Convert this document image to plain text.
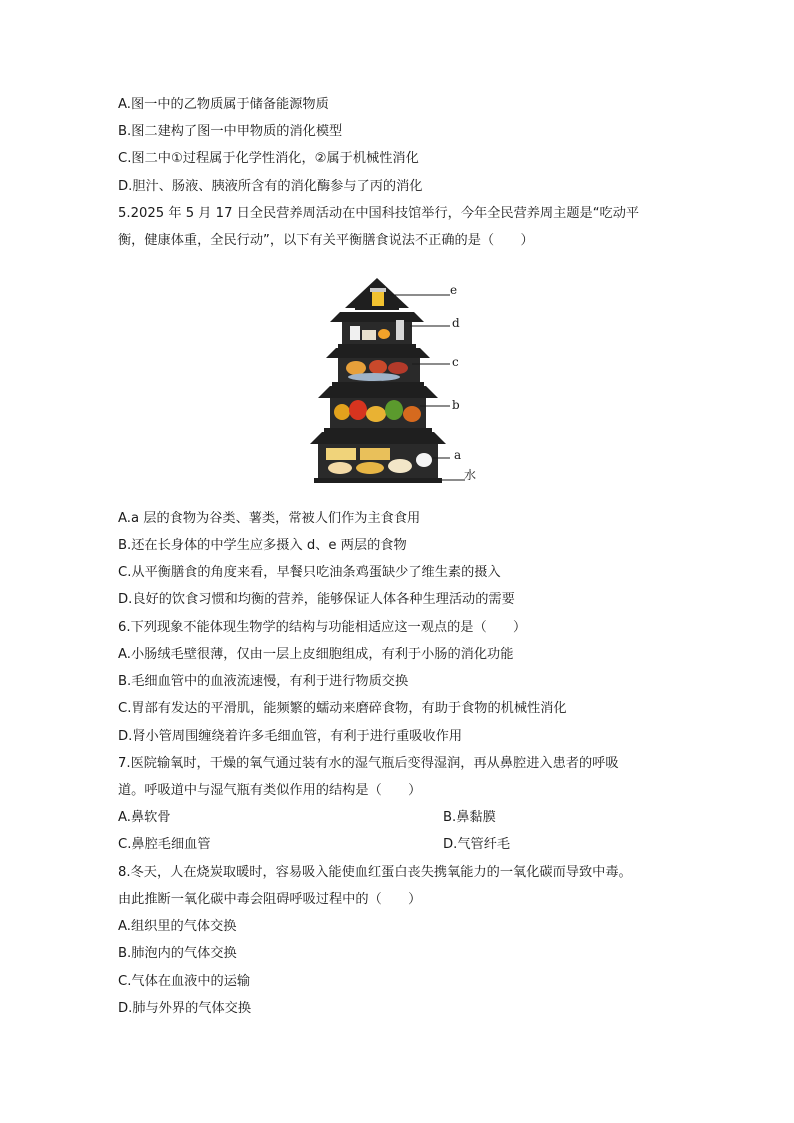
A.图一中的乙物质属于储备能源物质
B.图二建构了图一中甲物质的消化模型
C.图二中①过程属于化学性消化，②属于机械性消化
D.胆汁、肠液、胰液所含有的消化酶参与了丙的消化
5.2025 年 5 月 17 日全民营养周活动在中国科技馆举行，今年全民营养周主题是“吃动平
衡，健康体重，全民行动”，以下有关平衡膳食说法不正确的是（　　）
e
d
c
b
a
水
A.a 层的食物为谷类、薯类，常被人们作为主食食用
B.还在长身体的中学生应多摄入 d、e 两层的食物
C.从平衡膳食的角度来看，早餐只吃油条鸡蛋缺少了维生素的摄入
D.良好的饮食习惯和均衡的营养，能够保证人体各种生理活动的需要
6.下列现象不能体现生物学的结构与功能相适应这一观点的是（　　）
A.小肠绒毛壁很薄，仅由一层上皮细胞组成，有利于小肠的消化功能
B.毛细血管中的血液流速慢，有利于进行物质交换
C.胃部有发达的平滑肌，能频繁的蠕动来磨碎食物，有助于食物的机械性消化
D.肾小管周围缠绕着许多毛细血管，有利于进行重吸收作用
7.医院输氧时，干燥的氧气通过装有水的湿气瓶后变得湿润，再从鼻腔进入患者的呼吸
道。呼吸道中与湿气瓶有类似作用的结构是（　　）
A.鼻软骨	B.鼻黏膜
C.鼻腔毛细血管	D.气管纤毛
8.冬天，人在烧炭取暖时，容易吸入能使血红蛋白丧失携氧能力的一氧化碳而导致中毒。
由此推断一氧化碳中毒会阻碍呼吸过程中的（　　）
A.组织里的气体交换
B.肺泡内的气体交换
C.气体在血液中的运输
D.肺与外界的气体交换
